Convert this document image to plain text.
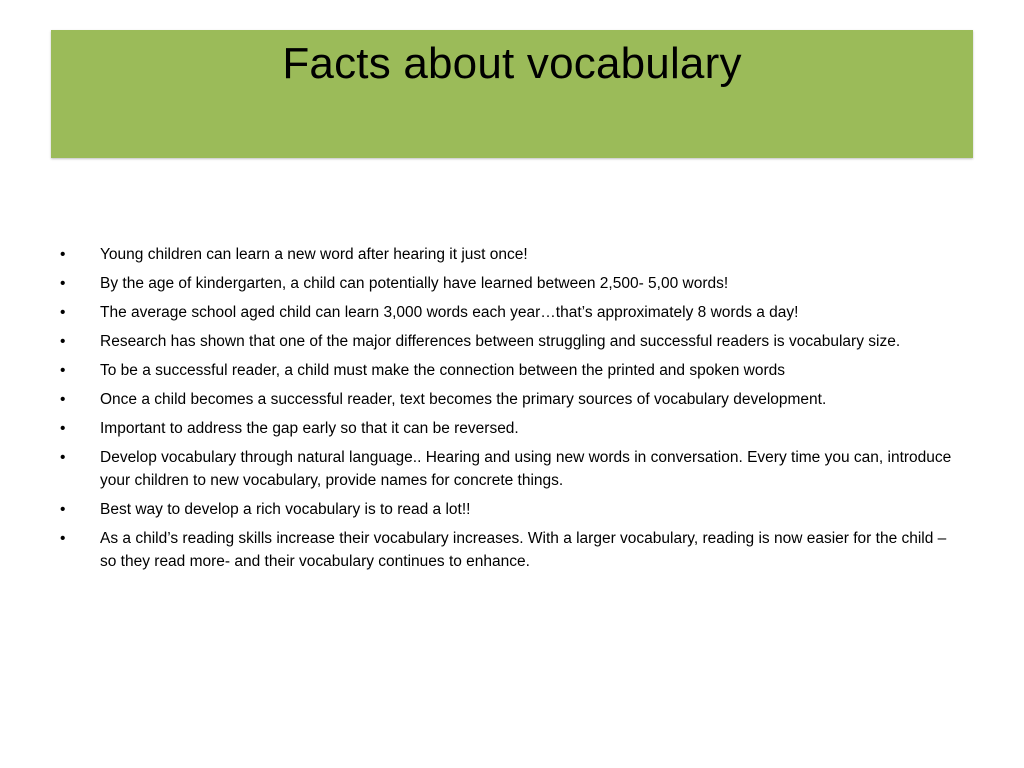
Facts about vocabulary
•	Young children can learn a new word after hearing it just once!
•	By the age of kindergarten, a child can potentially have learned between 2,500- 5,00 words!
•	The average school aged child can learn 3,000 words each year…that’s approximately 8 words a day!
•	Research has shown that one of the major differences between struggling and successful readers is vocabulary size.
•	To be a successful reader, a child must make the connection between the printed and spoken words
•	Once a child becomes a successful reader, text becomes the primary sources of vocabulary development.
•	Important to address the gap early so that it can be reversed.
•	Develop vocabulary through natural language.. Hearing and using new words in conversation. Every time you can, introduce your children to new vocabulary, provide names for concrete things.
•	Best way to develop a rich vocabulary is to read a lot!!
•	As a child’s reading skills increase their vocabulary increases. With a larger vocabulary, reading is now easier for the child –so they read more- and their vocabulary continues to enhance.
